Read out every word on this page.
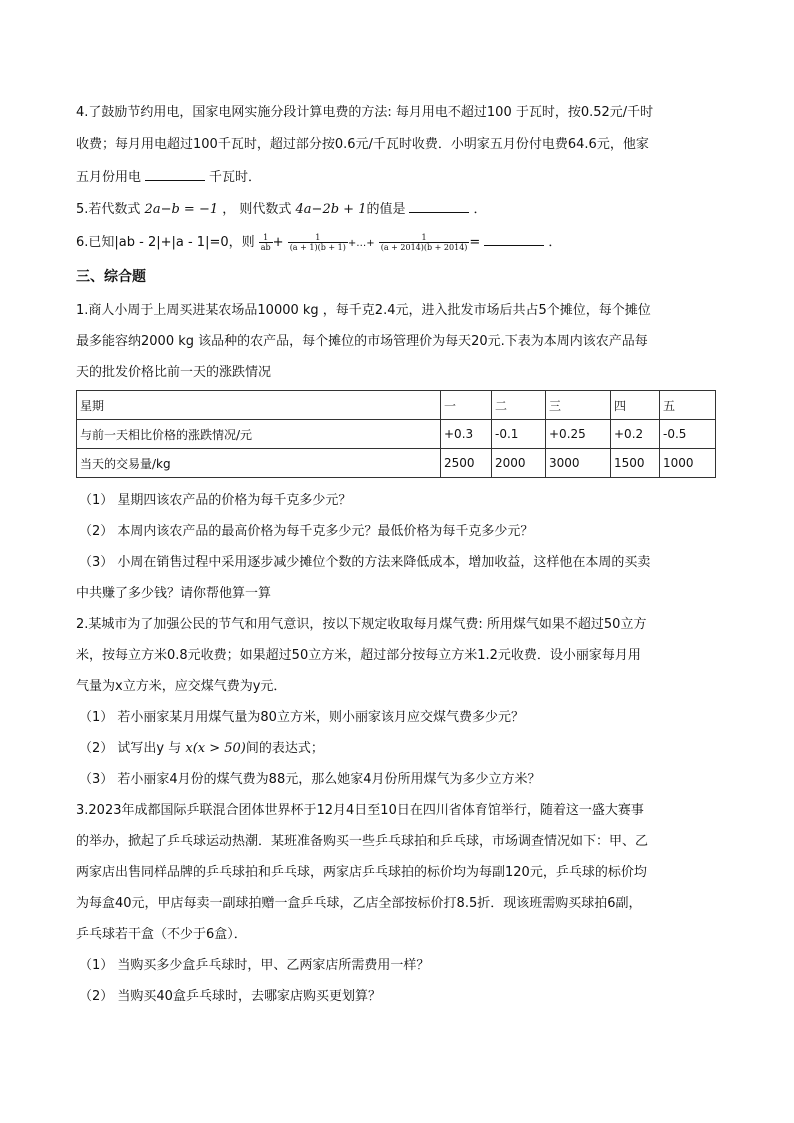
4.了鼓励节约用电，国家电网实施分段计算电费的方法: 每月用电不超过100 于瓦时，按0.52元/千时
收费；每月用电超过100千瓦时，超过部分按0.6元/千瓦时收费．小明家五月份付电费64.6元，他家
五月份用电	千瓦时．
5.若代数式 2a−b = −1 ， 则代数式 4a−2b + 1的值是	．
6.已知|ab - 2|+|a - 1|=0，则 $\frac{1}{ab} + \frac{1}{(a + 1)(b + 1)}$ +…+ $\frac{1}{(a + 2014)(b + 2014)}$ =	．
三、综合题
1.商人小周于上周买进某农场品10000 kg ，每千克2.4元，进入批发市场后共占5个摊位，每个摊位
最多能容纳2000 kg 该品种的农产品，每个摊位的市场管理价为每天20元.下表为本周内该农产品每
天的批发价格比前一天的涨跌情况
星期	一	二	三	四	五
与前一天相比价格的涨跌情况/元	+0.3	-0.1	+0.25	+0.2	-0.5
当天的交易量/kg	2500	2000	3000	1500	1000
（1） 星期四该农产品的价格为每千克多少元？
（2） 本周内该农产品的最高价格为每千克多少元？最低价格为每千克多少元？
（3） 小周在销售过程中采用逐步减少摊位个数的方法来降低成本，增加收益，这样他在本周的买卖
中共赚了多少钱？请你帮他算一算
2.某城市为了加强公民的节气和用气意识，按以下规定收取每月煤气费: 所用煤气如果不超过50立方
米，按每立方米0.8元收费；如果超过50立方米，超过部分按每立方米1.2元收费．设小丽家每月用
气量为x立方米，应交煤气费为y元．
（1） 若小丽家某月用煤气量为80立方米，则小丽家该月应交煤气费多少元？
（2） 试写出y 与 x(x > 50)间的表达式；
（3） 若小丽家4月份的煤气费为88元，那么她家4月份所用煤气为多少立方米？
3.2023年成都国际乒联混合团体世界杯于12月4日至10日在四川省体育馆举行，随着这一盛大赛事
的举办，掀起了乒乓球运动热潮．某班准备购买一些乒乓球拍和乒乓球，市场调查情况如下：甲、乙
两家店出售同样品牌的乒乓球拍和乒乓球，两家店乒乓球拍的标价均为每副120元，乒乓球的标价均
为每盒40元，甲店每卖一副球拍赠一盒乒乓球，乙店全部按标价打8.5折．现该班需购买球拍6副，
乒乓球若干盒（不少于6盒）．
（1） 当购买多少盒乒乓球时，甲、乙两家店所需费用一样？
（2） 当购买40盒乒乓球时，去哪家店购买更划算？
